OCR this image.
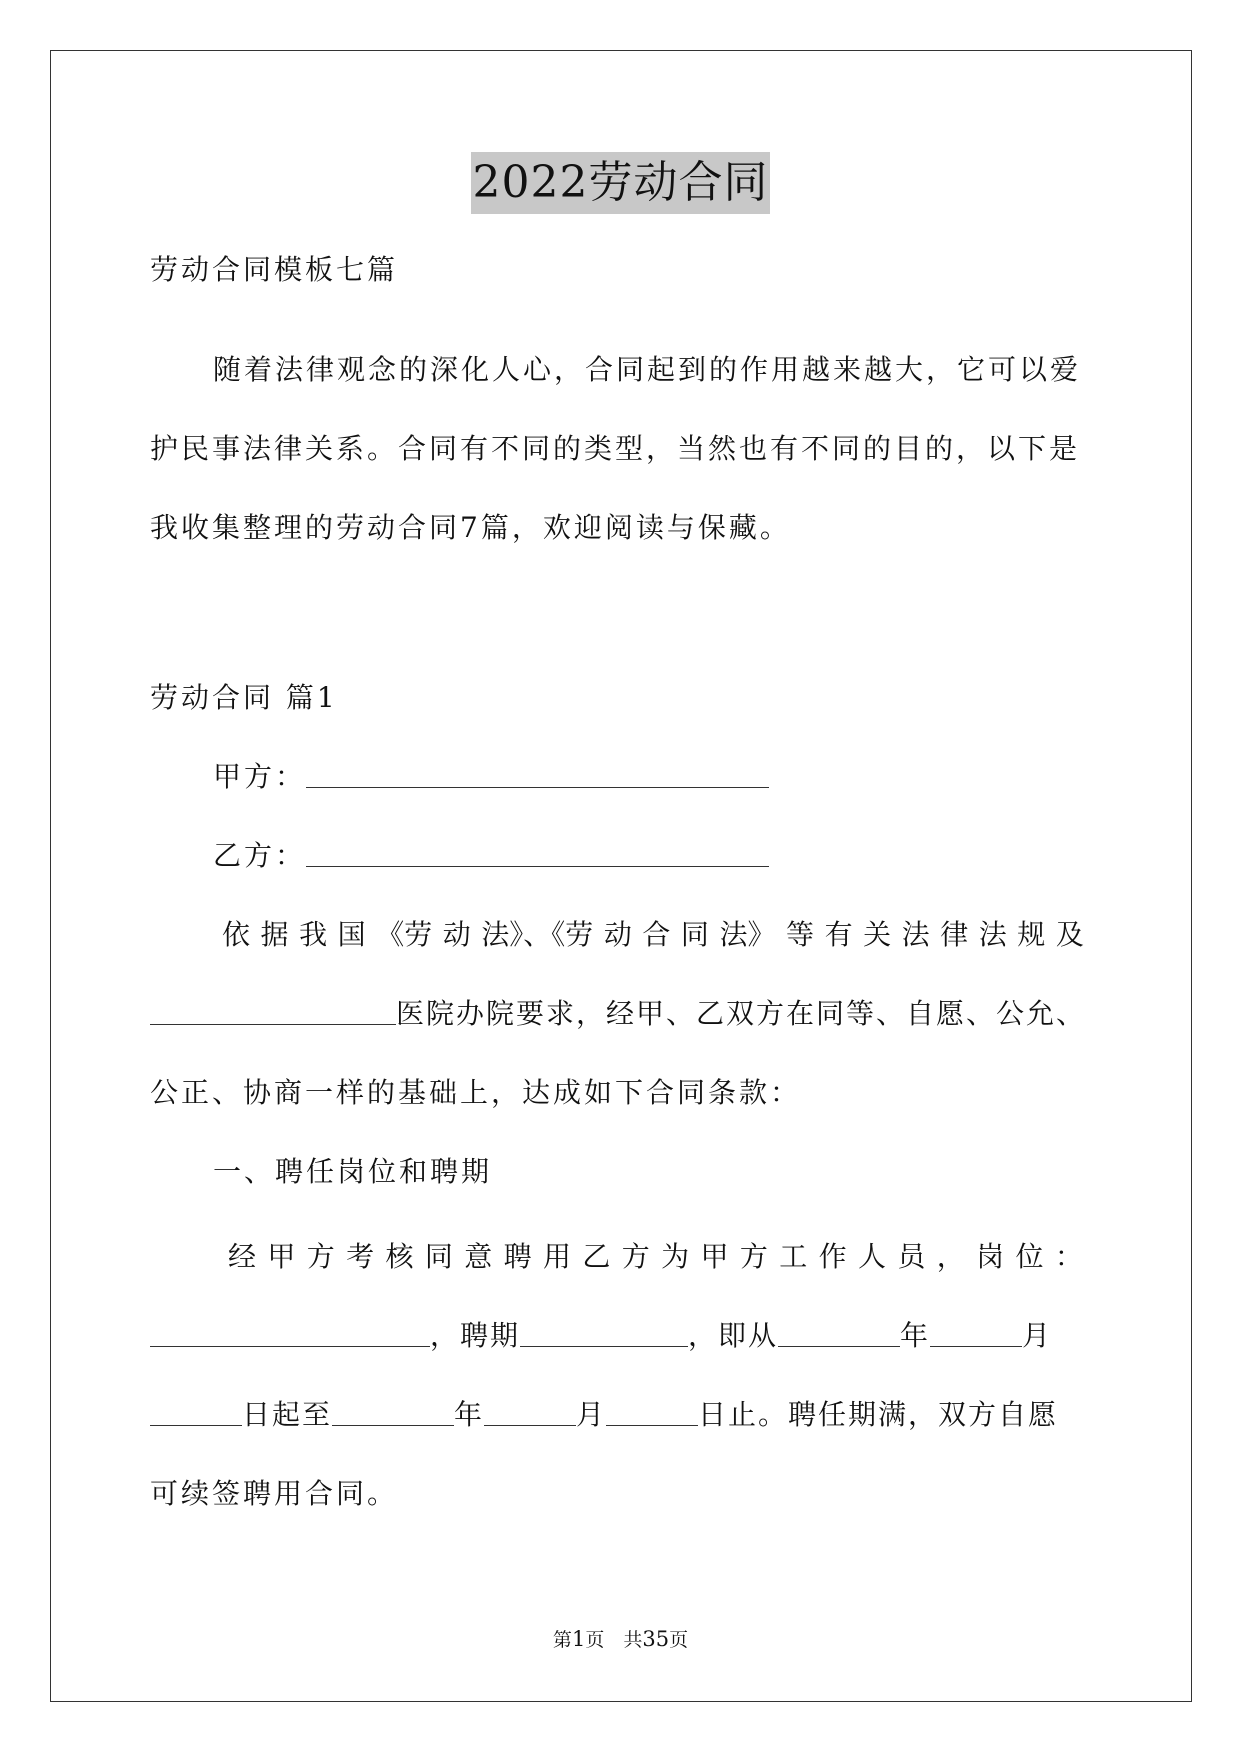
2022劳动合同
劳动合同模板七篇
随着法律观念的深化人心，合同起到的作用越来越大，它可以爱
护民事法律关系。合同有不同的类型，当然也有不同的目的，以下是
我收集整理的劳动合同7篇，欢迎阅读与保藏。
劳动合同 篇1
甲方：
乙方：
依 据 我 国 《劳 动 法》、《劳 动 合 同 法》 等 有 关 法 律 法 规 及
医院办院要求，经甲、乙双方在同等、自愿、公允、
公正、协商一样的基础上，达成如下合同条款：
一、聘任岗位和聘期
经 甲 方 考 核 同 意 聘 用 乙 方 为 甲 方 工 作 人 员 ， 岗 位 ：
，聘期	，即从	年	月
日起至	年	月	日止。聘任期满，双方自愿
可续签聘用合同。
第1页　共35页
